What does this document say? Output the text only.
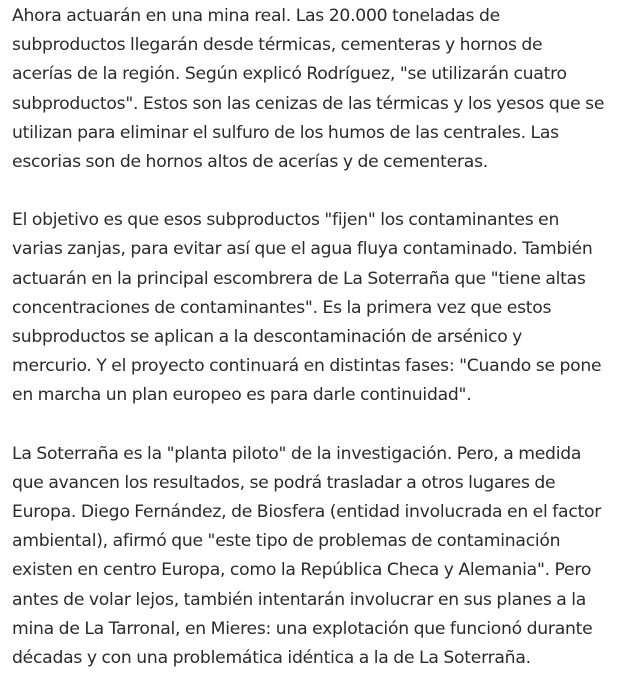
Ahora actuarán en una mina real. Las 20.000 toneladas de
subproductos llegarán desde térmicas, cementeras y hornos de
acerías de la región. Según explicó Rodríguez, "se utilizarán cuatro
subproductos". Estos son las cenizas de las térmicas y los yesos que se
utilizan para eliminar el sulfuro de los humos de las centrales. Las
escorias son de hornos altos de acerías y de cementeras.

El objetivo es que esos subproductos "fijen" los contaminantes en
varias zanjas, para evitar así que el agua fluya contaminado. También
actuarán en la principal escombrera de La Soterraña que "tiene altas
concentraciones de contaminantes". Es la primera vez que estos
subproductos se aplican a la descontaminación de arsénico y
mercurio. Y el proyecto continuará en distintas fases: "Cuando se pone
en marcha un plan europeo es para darle continuidad".

La Soterraña es la "planta piloto" de la investigación. Pero, a medida
que avancen los resultados, se podrá trasladar a otros lugares de
Europa. Diego Fernández, de Biosfera (entidad involucrada en el factor
ambiental), afirmó que "este tipo de problemas de contaminación
existen en centro Europa, como la República Checa y Alemania". Pero
antes de volar lejos, también intentarán involucrar en sus planes a la
mina de La Tarronal, en Mieres: una explotación que funcionó durante
décadas y con una problemática idéntica a la de La Soterraña.
